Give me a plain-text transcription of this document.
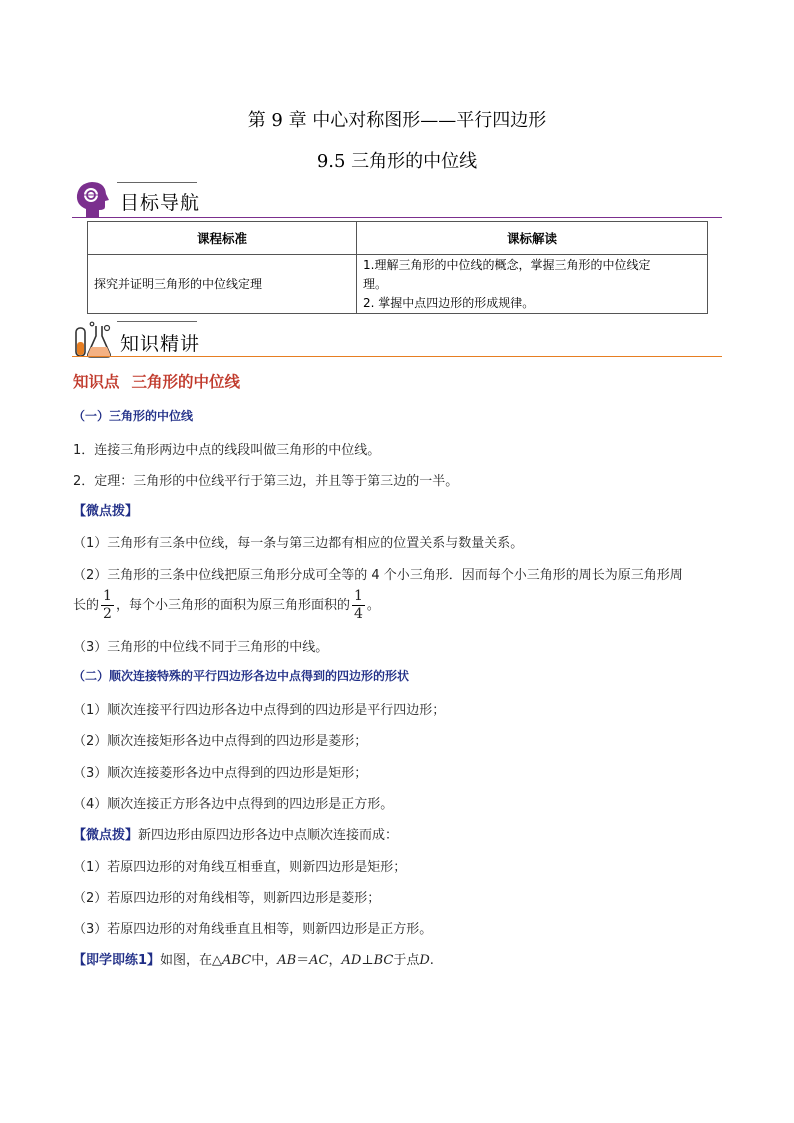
第 9 章 中心对称图形——平行四边形
9.5 三角形的中位线
目标导航
课程标准	课标解读
探究并证明三角形的中位线定理	1.理解三角形的中位线的概念，掌握三角形的中位线定
理。
2. 掌握中点四边形的形成规律。
知识精讲
知识点 三角形的中位线
（一）三角形的中位线
1．连接三角形两边中点的线段叫做三角形的中位线。
2．定理：三角形的中位线平行于第三边，并且等于第三边的一半。
【微点拨】
（1）三角形有三条中位线，每一条与第三边都有相应的位置关系与数量关系。
（2）三角形的三条中位线把原三角形分成可全等的 4 个小三角形．因而每个小三角形的周长为原三角形周
长的 $\frac{1}{2}$ ，每个小三角形的面积为原三角形面积的 $\frac{1}{4}$ 。
（3）三角形的中位线不同于三角形的中线。
（二）顺次连接特殊的平行四边形各边中点得到的四边形的形状
（1）顺次连接平行四边形各边中点得到的四边形是平行四边形；
（2）顺次连接矩形各边中点得到的四边形是菱形；
（3）顺次连接菱形各边中点得到的四边形是矩形；
（4）顺次连接正方形各边中点得到的四边形是正方形。
【微点拨】新四边形由原四边形各边中点顺次连接而成：
（1）若原四边形的对角线互相垂直，则新四边形是矩形；
（2）若原四边形的对角线相等，则新四边形是菱形；
（3）若原四边形的对角线垂直且相等，则新四边形是正方形。
【即学即练1】如图，在△ABC中，AB＝AC，AD⊥BC于点D.
